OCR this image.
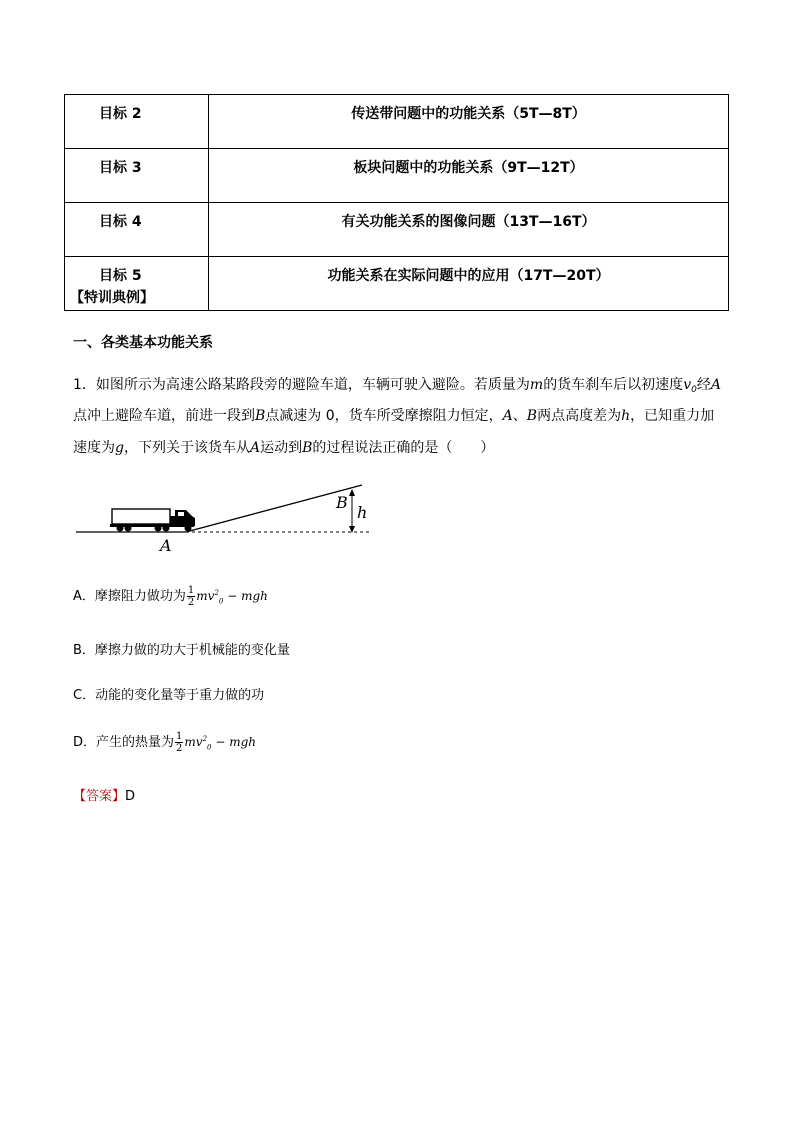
目标 2	传送带问题中的功能关系（5T—8T）
目标 3	板块问题中的功能关系（9T—12T）
目标 4	有关功能关系的图像问题（13T—16T）
目标 5	功能关系在实际问题中的应用（17T—20T）
【特训典例】
一、各类基本功能关系
1．如图所示为高速公路某路段旁的避险车道，车辆可驶入避险。若质量为m的货车刹车后以初速度$v_0$经A
点冲上避险车道，前进一段到B点减速为 0，货车所受摩擦阻力恒定，A、B两点高度差为h，已知重力加
速度为g，下列关于该货车从A运动到B的过程说法正确的是（　　）
B
h
A
A．摩擦阻力做功为 $\frac{1}{2} mv^2_0$ − mgh
B．摩擦力做的功大于机械能的变化量
C．动能的变化量等于重力做的功
D．产生的热量为 $\frac{1}{2} mv^2_0$ − mgh
【答案】D
